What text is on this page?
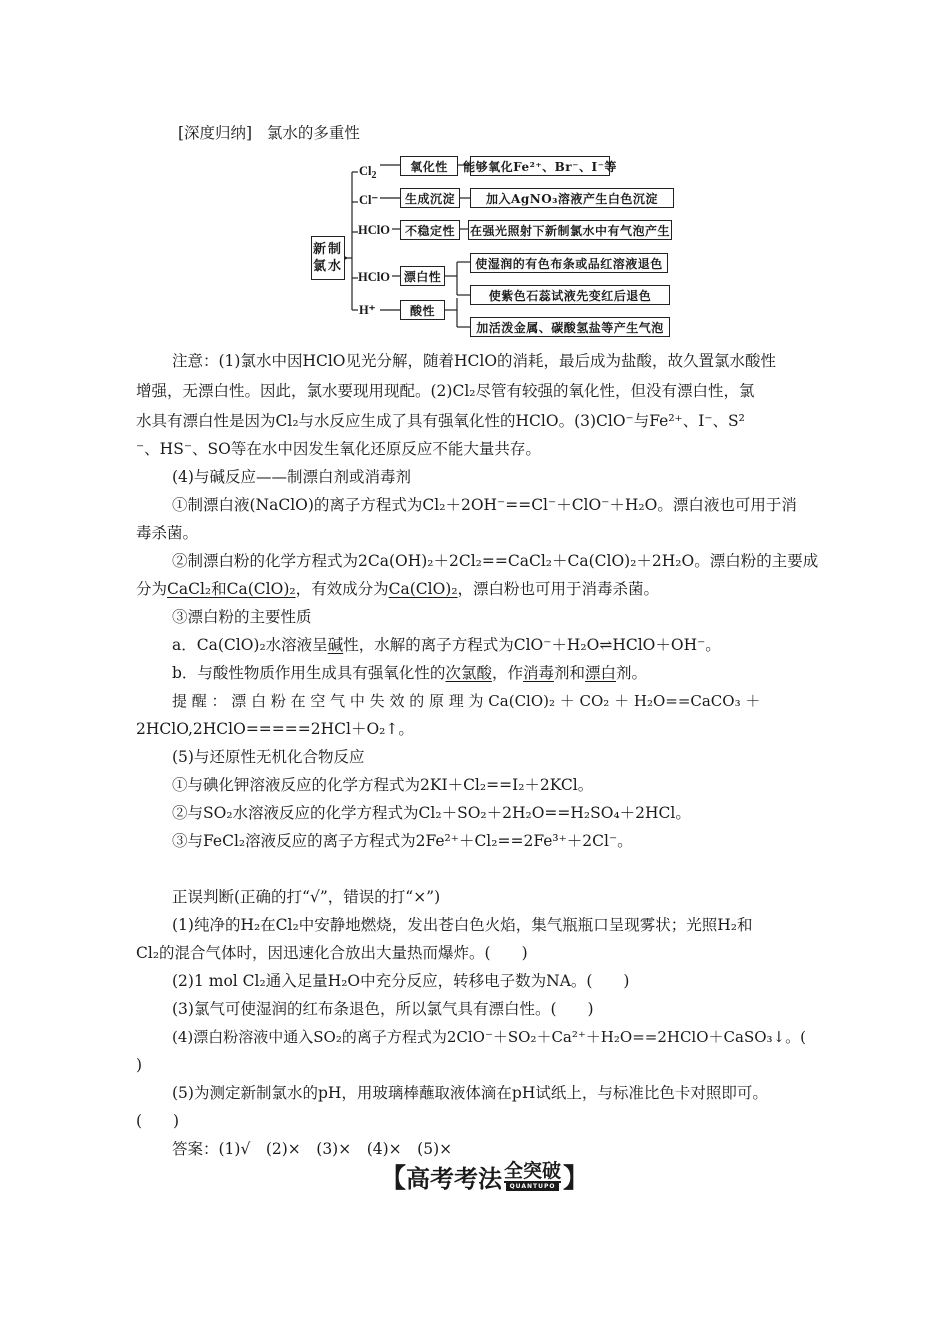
[深度归纳] 氯水的多重性
新制
氯水
$Cl_2$
Cl⁻
HClO
HClO
H⁺
氧化性
生成沉淀
不稳定性
漂白性
酸性
能够氧化Fe²⁺、Br⁻、I⁻等
加入AgNO₃溶液产生白色沉淀
在强光照射下新制氯水中有气泡产生
使湿润的有色布条或品红溶液退色
使紫色石蕊试液先变红后退色
加活泼金属、碳酸氢盐等产生气泡
注意：(1)氯水中因HClO见光分解，随着HClO的消耗，最后成为盐酸，故久置氯水酸性
增强，无漂白性。因此，氯水要现用现配。(2)Cl₂尽管有较强的氧化性，但没有漂白性，氯
水具有漂白性是因为Cl₂与水反应生成了具有强氧化性的HClO。(3)ClO⁻与Fe²⁺、I⁻、S²
⁻、HS⁻、SO等在水中因发生氧化还原反应不能大量共存。
(4)与碱反应——制漂白剂或消毒剂
①制漂白液(NaClO)的离子方程式为Cl₂＋2OH⁻==Cl⁻＋ClO⁻＋H₂O。漂白液也可用于消
毒杀菌。
②制漂白粉的化学方程式为2Ca(OH)₂＋2Cl₂==CaCl₂＋Ca(ClO)₂＋2H₂O。漂白粉的主要成
分为CaCl₂和Ca(ClO)₂，有效成分为Ca(ClO)₂，漂白粉也可用于消毒杀菌。
③漂白粉的主要性质
a．Ca(ClO)₂水溶液呈碱性，水解的离子方程式为ClO⁻＋H₂O⇌HClO＋OH⁻。
b．与酸性物质作用生成具有强氧化性的次氯酸，作消毒剂和漂白剂。
提 醒 ： 漂 白 粉 在 空 气 中 失 效 的 原 理 为 Ca(ClO)₂ ＋ CO₂ ＋ H₂O==CaCO₃ ＋
2HClO,2HClO=====2HCl＋O₂↑。
(5)与还原性无机化合物反应
①与碘化钾溶液反应的化学方程式为2KI＋Cl₂==I₂＋2KCl。
②与SO₂水溶液反应的化学方程式为Cl₂＋SO₂＋2H₂O==H₂SO₄＋2HCl。
③与FeCl₂溶液反应的离子方程式为2Fe²⁺＋Cl₂==2Fe³⁺＋2Cl⁻。
正误判断(正确的打“√”，错误的打“×”)
(1)纯净的H₂在Cl₂中安静地燃烧，发出苍白色火焰，集气瓶瓶口呈现雾状；光照H₂和
Cl₂的混合气体时，因迅速化合放出大量热而爆炸。(　　)
(2)1 mol Cl₂通入足量H₂O中充分反应，转移电子数为NA。(　　)
(3)氯气可使湿润的红布条退色，所以氯气具有漂白性。(　　)
(4)漂白粉溶液中通入SO₂的离子方程式为2ClO⁻＋SO₂＋Ca²⁺＋H₂O==2HClO＋CaSO₃↓。(
)
(5)为测定新制氯水的pH，用玻璃棒蘸取液体滴在pH试纸上，与标准比色卡对照即可。
(　　)
答案：(1)√　(2)×　(3)×　(4)×　(5)×
【 高考考法 全突破
QUANTUPO 】
